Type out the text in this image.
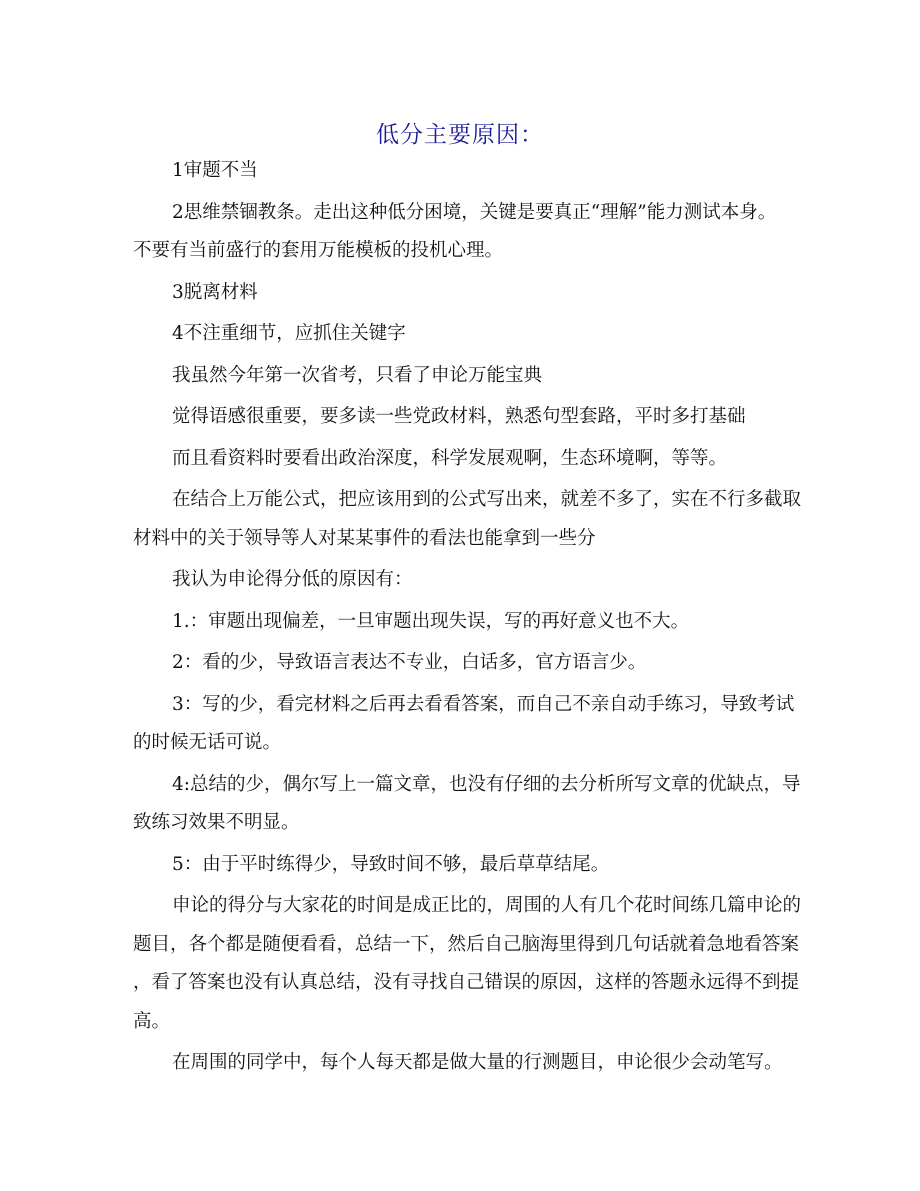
低分主要原因：
1审题不当
2思维禁锢教条。走出这种低分困境，关键是要真正“理解”能力测试本身。
不要有当前盛行的套用万能模板的投机心理。
3脱离材料
4不注重细节，应抓住关键字
我虽然今年第一次省考，只看了申论万能宝典
觉得语感很重要，要多读一些党政材料，熟悉句型套路，平时多打基础
而且看资料时要看出政治深度，科学发展观啊，生态环境啊，等等。
在结合上万能公式，把应该用到的公式写出来，就差不多了，实在不行多截取
材料中的关于领导等人对某某事件的看法也能拿到一些分
我认为申论得分低的原因有：
1.：审题出现偏差，一旦审题出现失误，写的再好意义也不大。
2：看的少，导致语言表达不专业，白话多，官方语言少。
3：写的少，看完材料之后再去看看答案，而自己不亲自动手练习，导致考试
的时候无话可说。
4:总结的少，偶尔写上一篇文章，也没有仔细的去分析所写文章的优缺点，导
致练习效果不明显。
5：由于平时练得少，导致时间不够，最后草草结尾。
申论的得分与大家花的时间是成正比的，周围的人有几个花时间练几篇申论的
题目，各个都是随便看看，总结一下，然后自己脑海里得到几句话就着急地看答案
，看了答案也没有认真总结，没有寻找自己错误的原因，这样的答题永远得不到提
高。
在周围的同学中，每个人每天都是做大量的行测题目，申论很少会动笔写。
